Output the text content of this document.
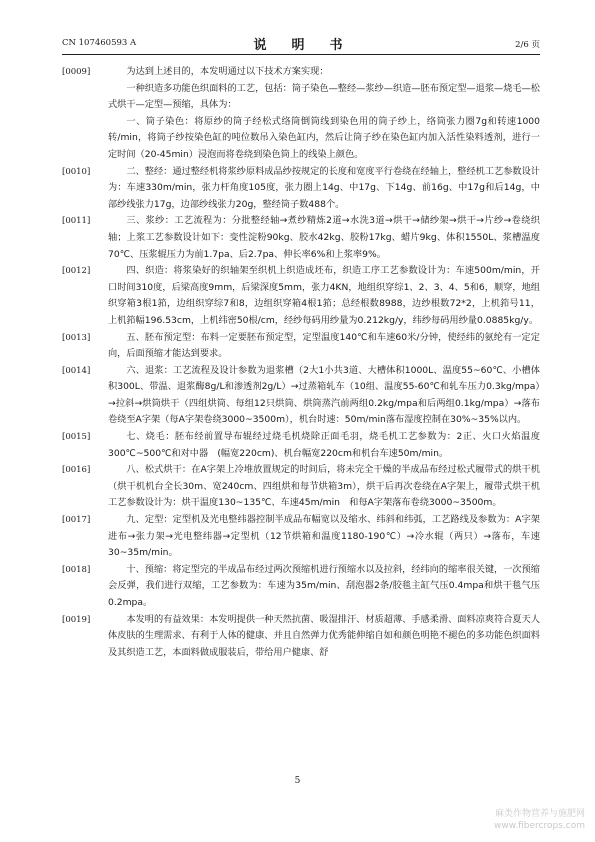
CN 107460593 A	说　明　书	2/6 页
[0009]	为达到上述目的，本发明通过以下技术方案实现：
一种织造多功能色织面料的工艺，包括：筒子染色—整经—浆纱—织造—胚布预定型—退浆—烧毛—松式烘干—定型—预缩，具体为：
一、筒子染色：将原纱的筒子经松式络筒倒筒线到染色用的筒子纱上，络筒张力圈7g和转速1000转/min，将筒子纱按染色缸的吨位数吊入染色缸内，然后让筒子纱在染色缸内加入活性染料透剂，进行一定时间（20-45min）浸泡而将卷绕到染色筒上的线染上颜色。
[0010]	二、整经：通过整经机将浆纱原料成品纱按规定的长度和宽度平行卷绕在经轴上，整经机工艺参数设计为：车速330m/min，张力杆角度105度，张力圈上14g、中17g、下14g、前16g、中17g和后14g，中部纱线张力17g，边部纱线张力20g，整经筒子数488个。
[0011]	三、浆纱：工艺流程为：分批整经轴→煮纱精炼2道→水洗3道→烘干→储纱架→烘干→片纱→卷绕织轴；上浆工艺参数设计如下：变性淀粉90kg、胶水42kg、胶粉17kg、蜡片9kg、体积1550L、浆槽温度70℃、压浆辊压力为前1.7pa、后2.7pa、伸长率6%和上浆率9%。
[0012]	四、织造：将浆染好的织轴架至织机上织造成坯布，织造工序工艺参数设计为：车速500m/min，开口时间310度，后梁高度9mm，后梁深度5mm，张力4KN，地组织穿综1、2、3、4、5和6，顺穿，地组织穿箱3根1筘，边组织穿综7和8，边组织穿箱4根1筘；总经根数8988，边纱根数72*2，上机筘号11，上机筘幅196.53cm，上机纬密50根/cm，经纱每码用纱量为0.212kg/y，纬纱每码用纱量0.0885kg/y。
[0013]	五、胚布预定型：布料一定要胚布预定型，定型温度140℃和车速60米/分钟，使经纬的氨纶有一定定向，后面预缩才能达到要求。
[0014]	六、退浆：工艺流程及设计参数为退浆槽（2大1小共3道、大槽体积1000L、温度55~60℃、小槽体积300L、带温、退浆酶8g/L和渗透剂2g/L）→过蒸箱轧车（10组、温度55-60℃和轧车压力0.3kg/mpa）→拉斜→烘筒烘干（四组烘筒、每组12只烘筒、烘筒蒸汽前两组0.2kg/mpa和后两组0.1kg/mpa）→落布卷绕至A字架（每A字架卷绕3000~3500m），机台时速：50m/min落布湿度控制在30%~35%以内。
[0015]	七、烧毛：胚布经前置导布辊经过烧毛机烧除正面毛羽，烧毛机工艺参数为：2正、火口火焰温度300℃~500℃和对中器　(幅宽220cm)、机台幅宽220cm和机台车速50m/min。
[0016]	八、松式烘干：在A字架上冷堆放置规定的时间后，将未完全干燥的半成品布经过松式履带式的烘干机（烘干机机台全长30m、宽240cm、四组烘和每节烘箱3m），烘干后再次卷绕在A字架上，履带式烘干机工艺参数设计为：烘干温度130~135℃、车速45m/min　和每A字架落布卷绕3000~3500m。
[0017]	九、定型：定型机及光电整纬器控制半成品布幅宽以及缩水、纬斜和纬弧，工艺路线及参数为：A字架进布→张力架→光电整纬器→定型机（12节烘箱和温度1180-190℃）→冷水辊（两只）→落布，车速30~35m/min。
[0018]	十、预缩：将定型完的半成品布经过两次预缩机进行预缩水以及拉斜，经纬向的缩率很关键，一次预缩会反弹，我们进行双缩，工艺参数为：车速为35m/min、刮泡器2条/胶毯主缸气压0.4mpa和烘干毯气压0.2mpa。
[0019]	本发明的有益效果：本发明提供一种天然抗菌、吸湿排汗、材质超薄、手感柔滑、面料凉爽符合夏天人体皮肤的生理需求、有利于人体的健康、并且自然弹力优秀能伸缩自如和颜色明艳不褪色的多功能色织面料及其织造工艺，本面料做成服装后，带给用户健康、舒
5
麻类作物营养与施肥网
www.fibercrops.com
